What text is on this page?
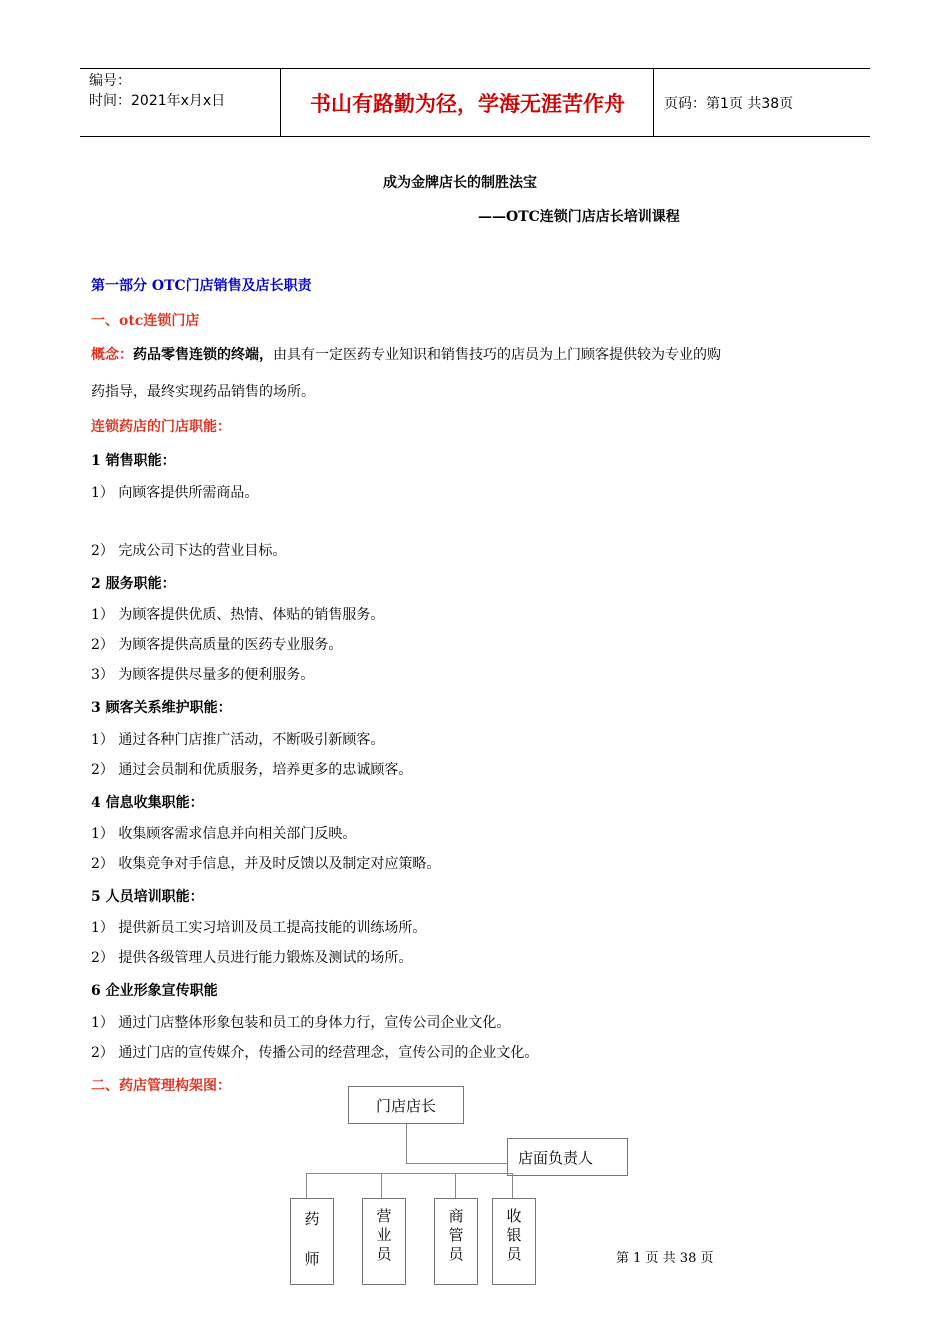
编号：
时间：2021年x月x日	书山有路勤为径，学海无涯苦作舟	页码：第1页 共38页
成为金牌店长的制胜法宝
——OTC连锁门店店长培训课程
第一部分 OTC门店销售及店长职责
一、otc连锁门店
概念：药品零售连锁的终端，由具有一定医药专业知识和销售技巧的店员为上门顾客提供较为专业的购
药指导，最终实现药品销售的场所。
连锁药店的门店职能：
1 销售职能：
1） 向顾客提供所需商品。
2） 完成公司下达的营业目标。
2 服务职能：
1） 为顾客提供优质、热情、体贴的销售服务。
2） 为顾客提供高质量的医药专业服务。
3） 为顾客提供尽量多的便利服务。
3 顾客关系维护职能：
1） 通过各种门店推广活动，不断吸引新顾客。
2） 通过会员制和优质服务，培养更多的忠诚顾客。
4 信息收集职能：
1） 收集顾客需求信息并向相关部门反映。
2） 收集竞争对手信息，并及时反馈以及制定对应策略。
5 人员培训职能：
1） 提供新员工实习培训及员工提高技能的训练场所。
2） 提供各级管理人员进行能力锻炼及测试的场所。
6 企业形象宣传职能
1） 通过门店整体形象包装和员工的身体力行，宣传公司企业文化。
2） 通过门店的宣传媒介，传播公司的经营理念，宣传公司的企业文化。
二、药店管理构架图：
门店店长
店面负责人
药
师
营
业
员
商
管
员
收
银
员	第 1 页 共 38 页
